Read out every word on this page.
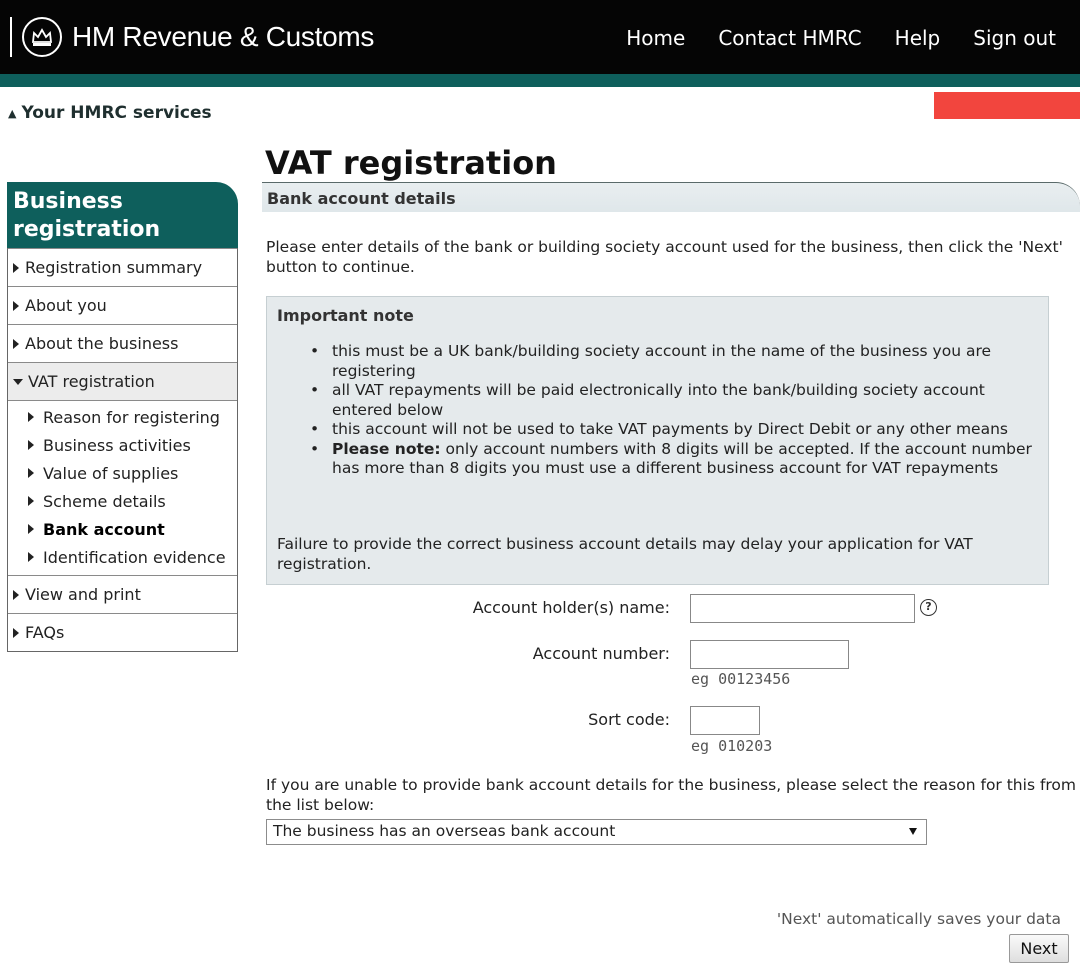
HM Revenue & Customs	Home Contact HMRC Help Sign out
▲ Your HMRC services
Business registration
Registration summary
About you
About the business
VAT registration
Reason for registering
Business activities
Value of supplies
Scheme details
Bank account
Identification evidence
View and print
FAQs
VAT registration
Bank account details

Please enter details of the bank or building society account used for the business, then click the 'Next' button to continue.

Important note
• this must be a UK bank/building society account in the name of the business you are registering
• all VAT repayments will be paid electronically into the bank/building society account entered below
• this account will not be used to take VAT payments by Direct Debit or any other means
• Please note: only account numbers with 8 digits will be accepted. If the account number has more than 8 digits you must use a different business account for VAT repayments

Failure to provide the correct business account details may delay your application for VAT registration.

Account holder(s) name:	?
Account number:
eg 00123456
Sort code:
eg 010203

If you are unable to provide bank account details for the business, please select the reason for this from the list below:

The business has an overseas bank account
'Next' automatically saves your data
Next
